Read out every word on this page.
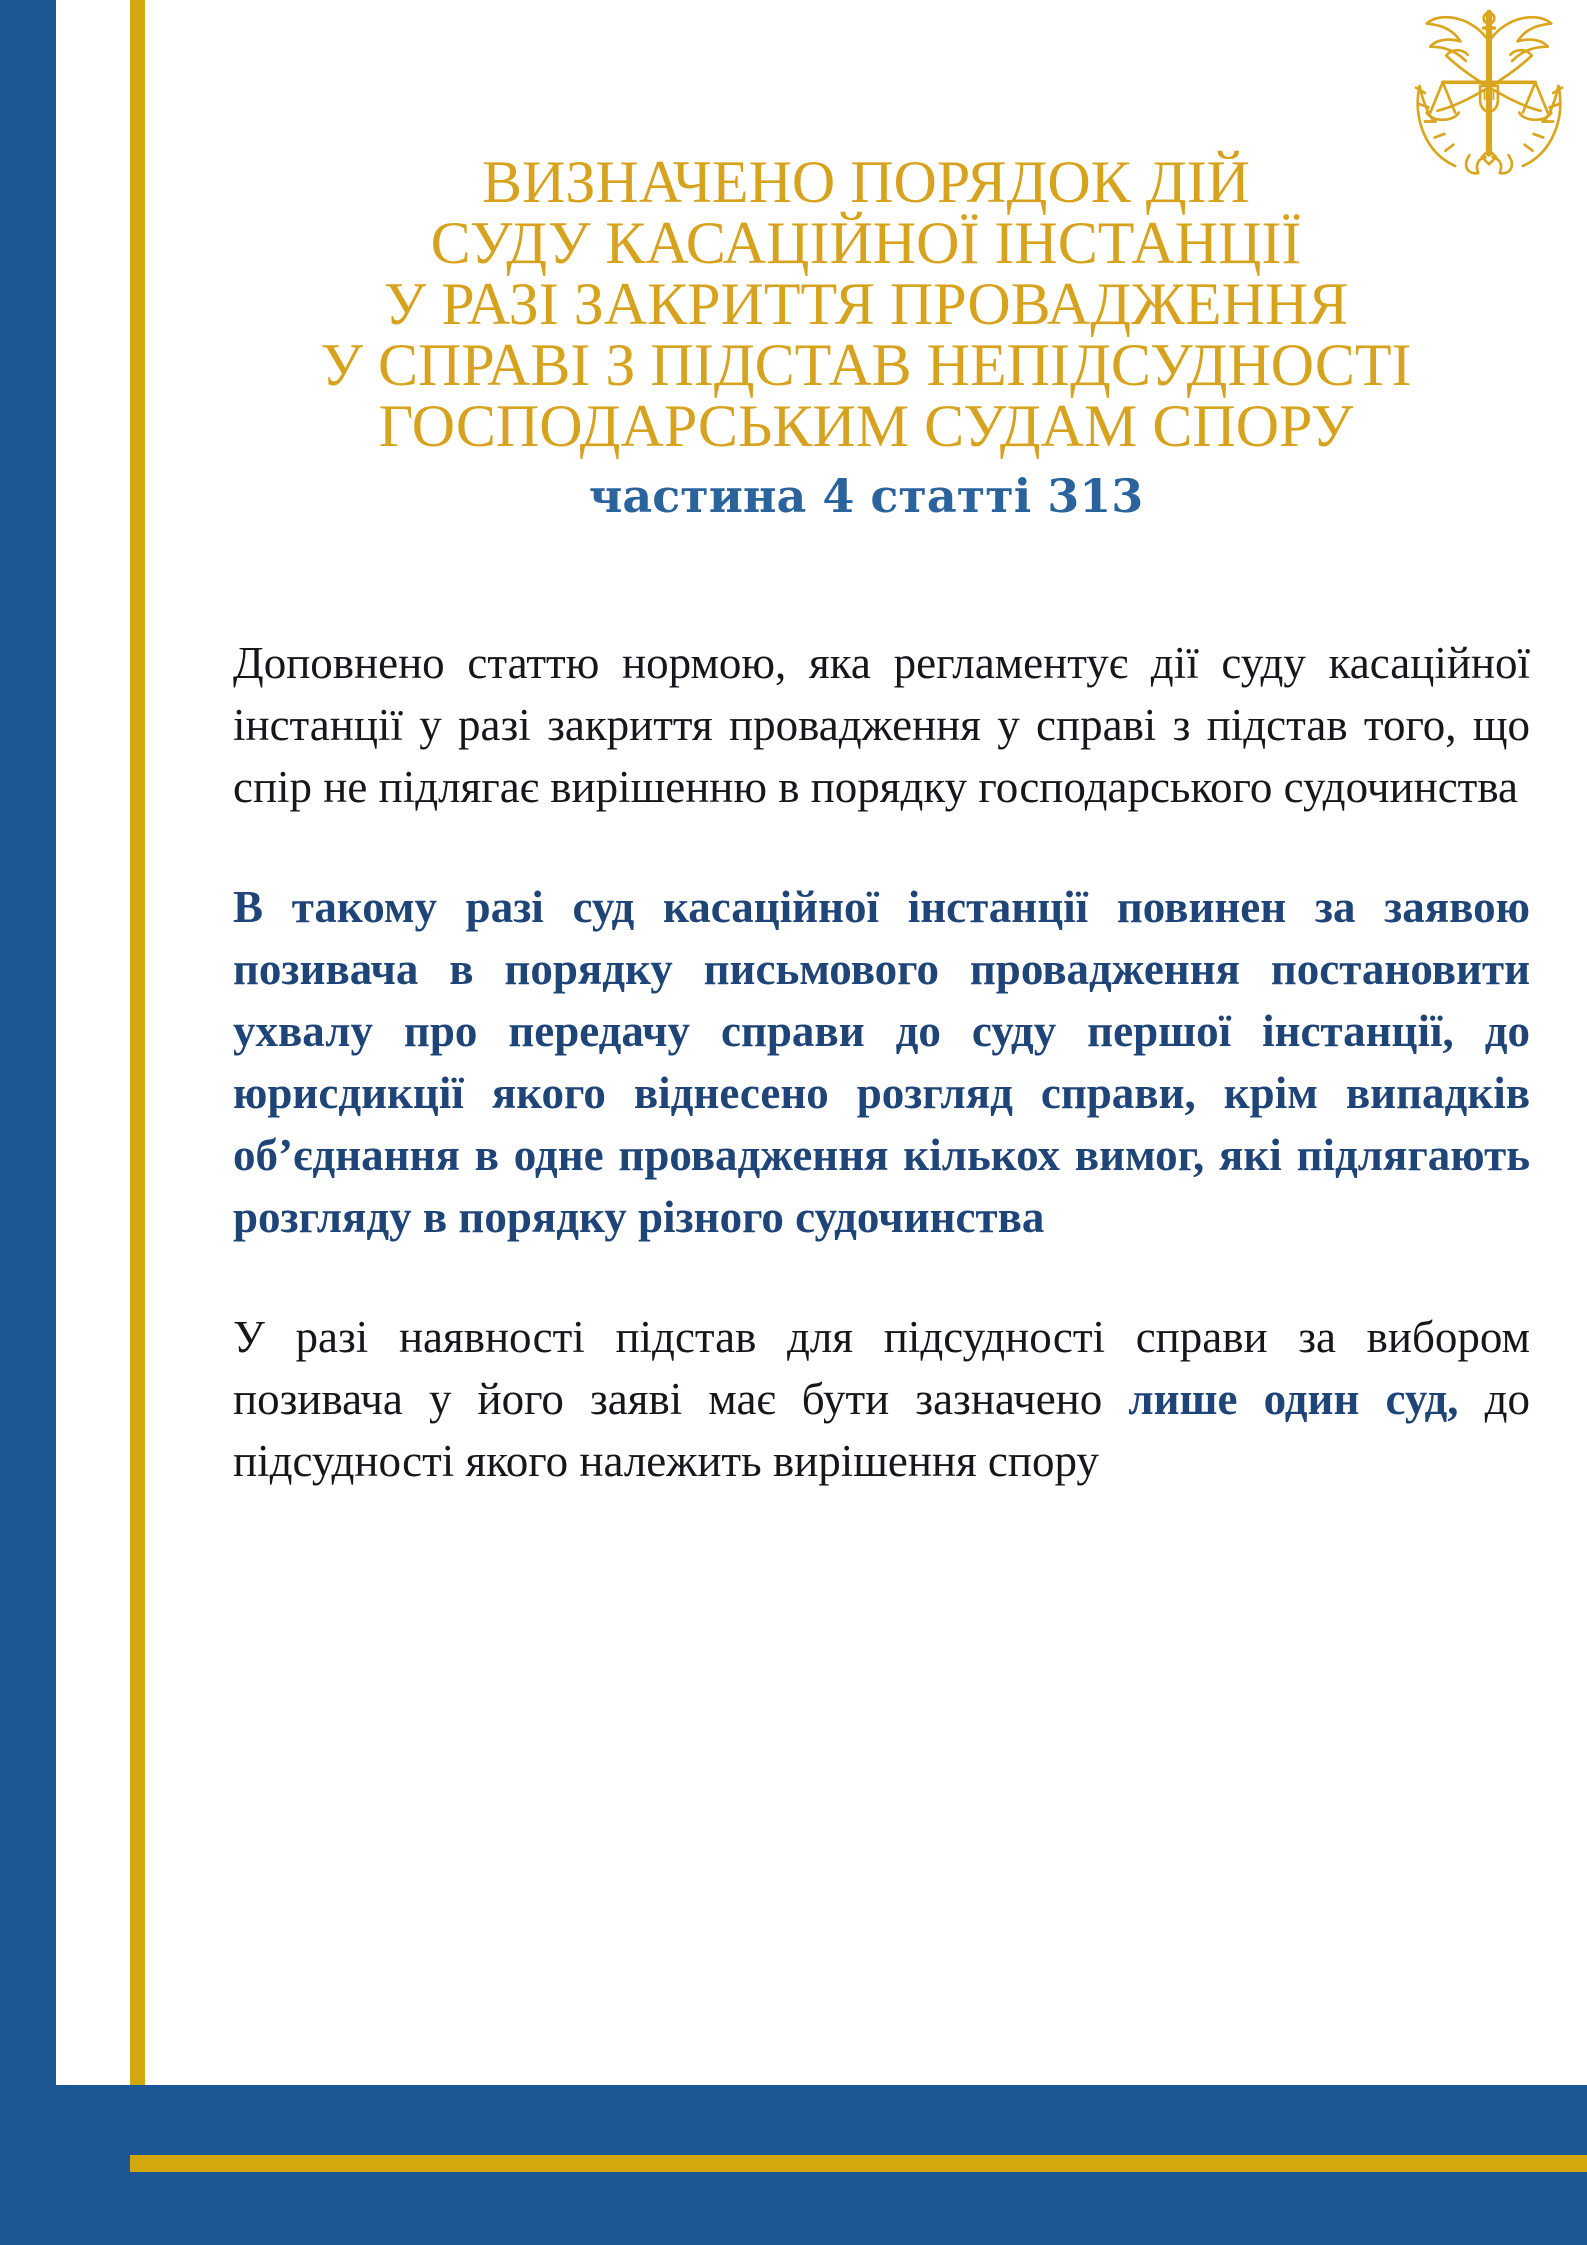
ВИЗНАЧЕНО ПОРЯДОК ДІЙ
СУДУ КАСАЦІЙНОЇ ІНСТАНЦІЇ
У РАЗІ ЗАКРИТТЯ ПРОВАДЖЕННЯ
У СПРАВІ З ПІДСТАВ НЕПІДСУДНОСТІ
ГОСПОДАРСЬКИМ СУДАМ СПОРУ
частина 4 статті 313

Доповнено статтю нормою, яка регламентує дії суду касаційної інстанції у разі закриття провадження у справі з підстав того, що спір не підлягає вирішенню в порядку господарського судочинства

В такому разі суд касаційної інстанції повинен за заявою позивача в порядку письмового провадження постановити ухвалу про передачу справи до суду першої інстанції, до юрисдикції якого віднесено розгляд справи, крім випадків об’єднання в одне провадження кількох вимог, які підлягають розгляду в порядку різного судочинства

У разі наявності підстав для підсудності справи за вибором позивача у його заяві має бути зазначено лише один суд, до підсудності якого належить вирішення спору
